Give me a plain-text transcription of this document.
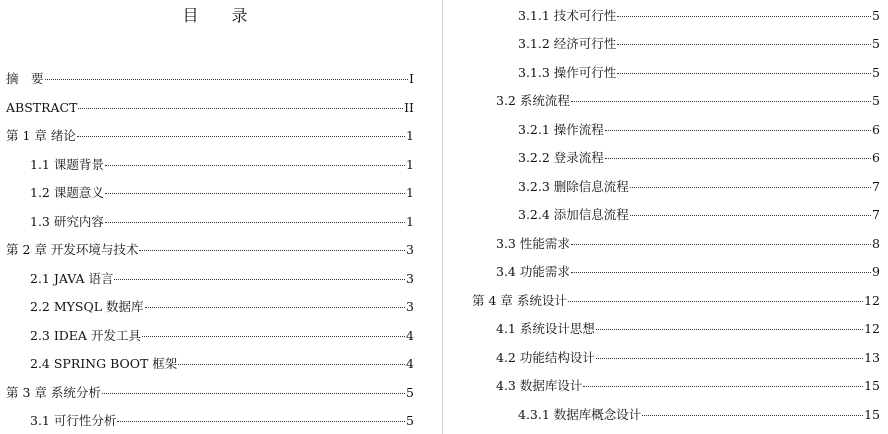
目 录
摘　要	I
ABSTRACT	II
第 1 章 绪论	1
1.1 课题背景	1
1.2 课题意义	1
1.3 研究内容	1
第 2 章 开发环境与技术	3
2.1 JAVA 语言	3
2.2 MYSQL 数据库	3
2.3 IDEA 开发工具	4
2.4 SPRING BOOT 框架	4
第 3 章 系统分析	5
3.1 可行性分析	5
3.1.1 技术可行性	5
3.1.2 经济可行性	5
3.1.3 操作可行性	5
3.2 系统流程	5
3.2.1 操作流程	6
3.2.2 登录流程	6
3.2.3 删除信息流程	7
3.2.4 添加信息流程	7
3.3 性能需求	8
3.4 功能需求	9
第 4 章 系统设计	12
4.1 系统设计思想	12
4.2 功能结构设计	13
4.3 数据库设计	15
4.3.1 数据库概念设计	15
